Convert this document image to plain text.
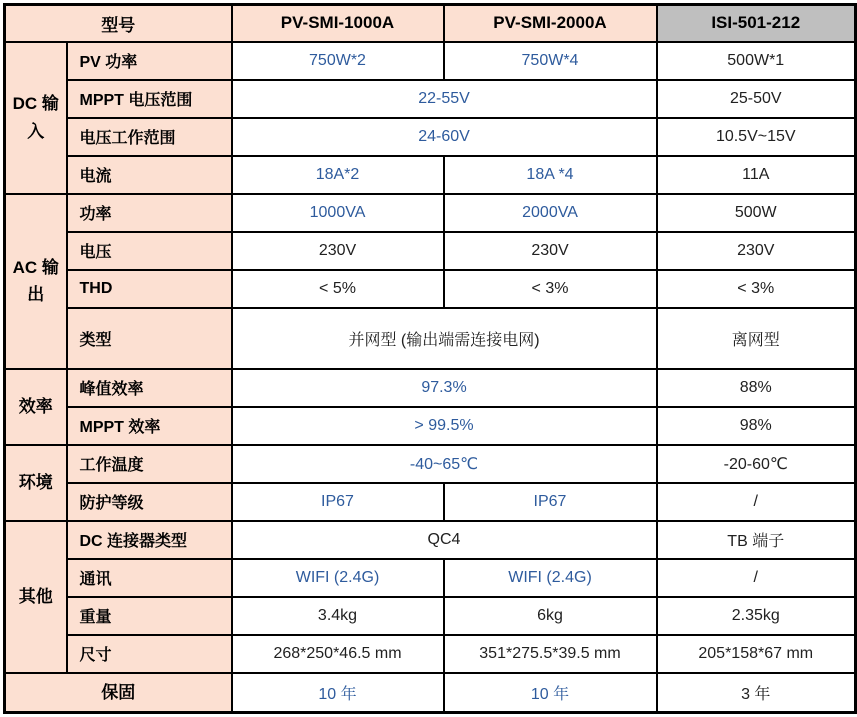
型号		PV-SMI-1000A	PV-SMI-2000A	ISI-501-212
DC 输入	PV 功率	750W*2	750W*4	500W*1
	MPPT 电压范围	22-55V		25-50V
	电压工作范围	24-60V		10.5V~15V
	电流	18A*2	18A *4	11A
AC 输出	功率	1000VA	2000VA	500W
	电压	230V	230V	230V
	THD	< 5%	< 3%	< 3%
	类型	并网型 (输出端需连接电网)		离网型
效率	峰值效率	97.3%		88%
	MPPT 效率	> 99.5%		98%
环境	工作温度	-40~65℃		-20-60℃
	防护等级	IP67	IP67	/
其他	DC 连接器类型	QC4		TB 端子
	通讯	WIFI (2.4G)	WIFI (2.4G)	/
	重量	3.4kg	6kg	2.35kg
	尺寸	268*250*46.5 mm	351*275.5*39.5 mm	205*158*67 mm
保固		10 年	10 年	3 年
